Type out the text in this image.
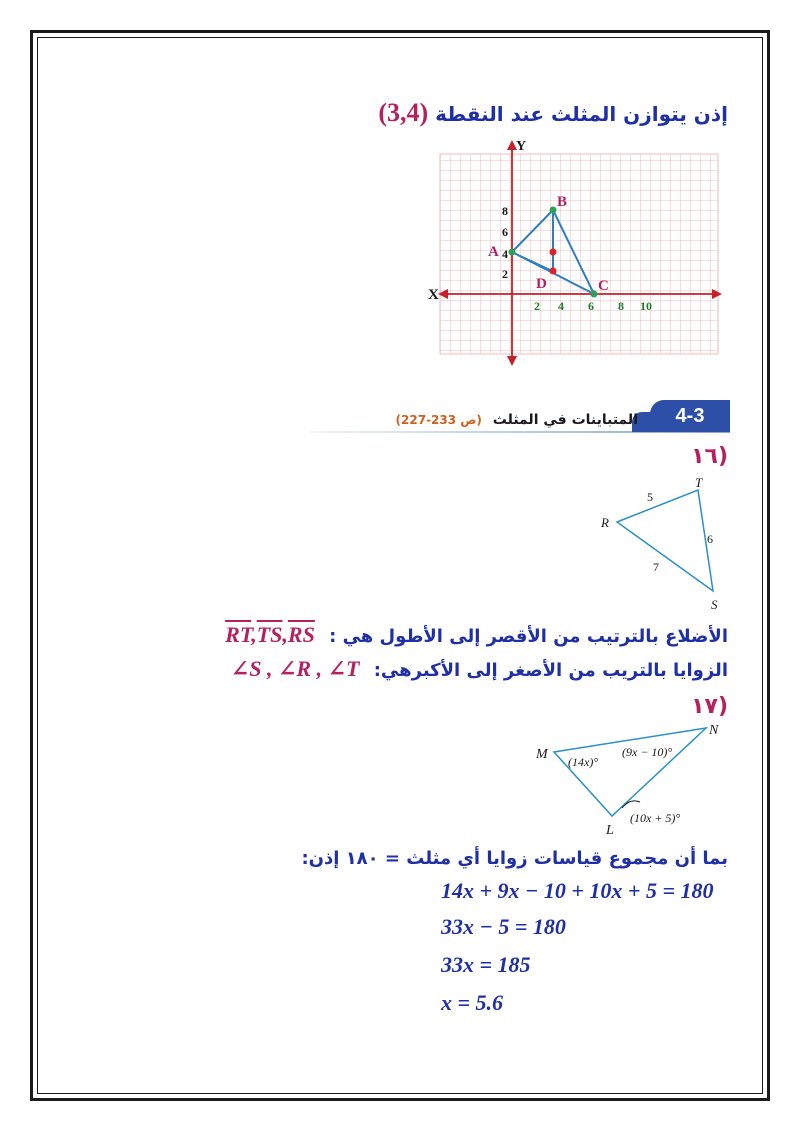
إذن يتوازن المثلث عند النقطة (3,4)
X
Y
2 4 6 8 10
2
4
6
8
A
B
C
D
4-3
المتباينات في المثلث (ص 233-227)
(١٦
R
T
S
5
6
7
الأضلاع بالترتيب من الأقصر إلى الأطول هي : $\overline{RT},\overline{TS},\overline{RS}$
الزوايا بالتريب من الأصغر إلى الأكبرهي: ∠S , ∠R , ∠T
(١٧
M
N
L
(14x)°
(9x − 10)°
(10x + 5)°
بما أن مجموع قياسات زوايا أي مثلث = ١٨٠ إذن:
14x + 9x − 10 + 10x + 5 = 180
33x − 5 = 180
33x = 185
x = 5.6
